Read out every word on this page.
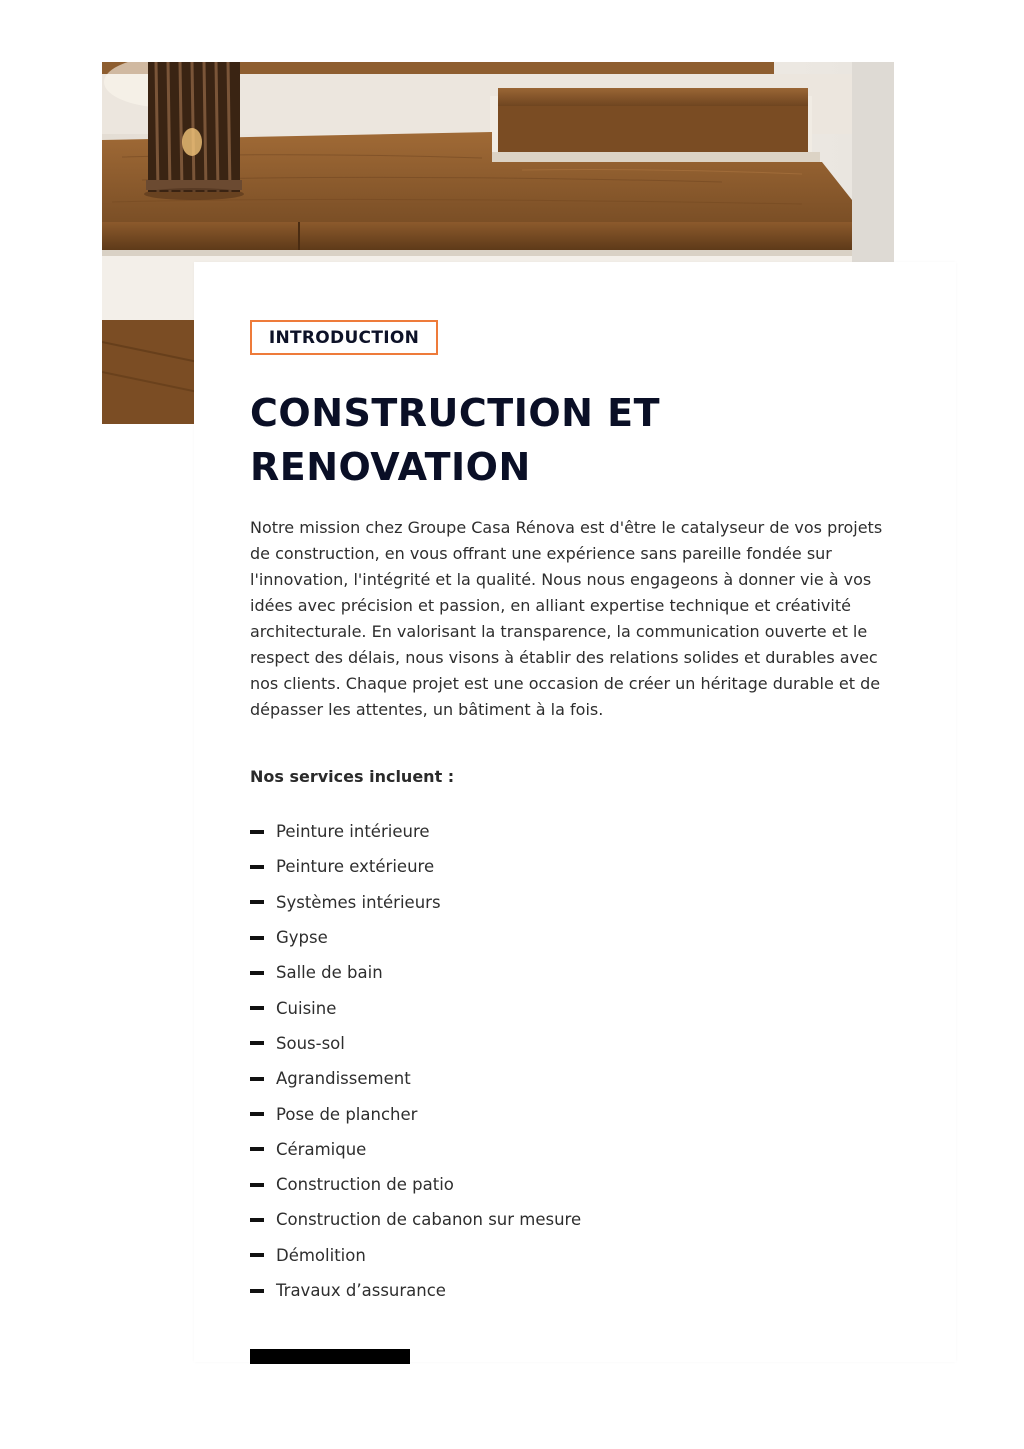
INTRODUCTION
CONSTRUCTION ET
RENOVATION

Notre mission chez Groupe Casa Rénova est d'être le catalyseur de vos projets de construction, en vous offrant une expérience sans pareille fondée sur l'innovation, l'intégrité et la qualité. Nous nous engageons à donner vie à vos idées avec précision et passion, en alliant expertise technique et créativité architecturale. En valorisant la transparence, la communication ouverte et le respect des délais, nous visons à établir des relations solides et durables avec nos clients. Chaque projet est une occasion de créer un héritage durable et de dépasser les attentes, un bâtiment à la fois.

Nos services incluent :

Peinture intérieure
Peinture extérieure
Systèmes intérieurs
Gypse
Salle de bain
Cuisine
Sous-sol
Agrandissement
Pose de plancher
Céramique
Construction de patio
Construction de cabanon sur mesure
Démolition
Travaux d’assurance
